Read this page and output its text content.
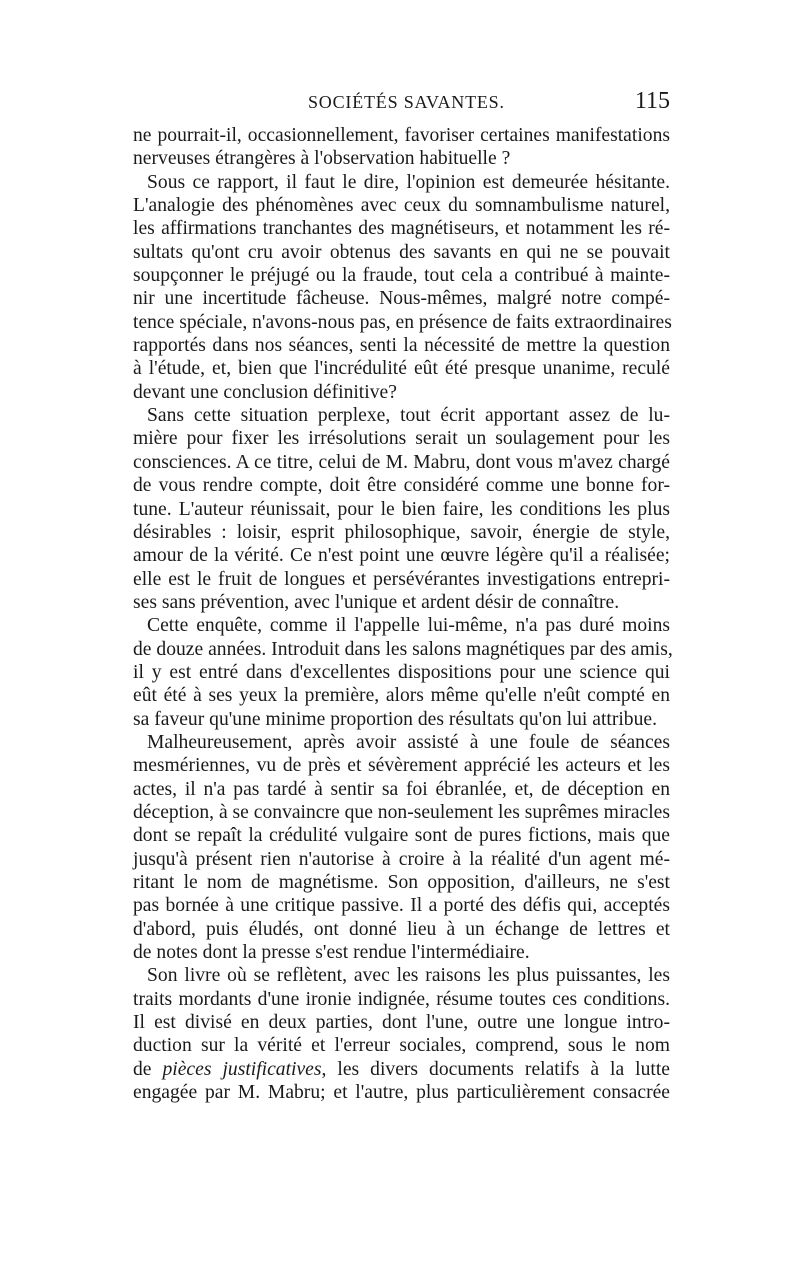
SOCIÉTÉS SAVANTES.	115
ne pourrait-il, occasionnellement, favoriser certaines manifestations
nerveuses étrangères à l'observation habituelle ?
Sous ce rapport, il faut le dire, l'opinion est demeurée hésitante.
L'analogie des phénomènes avec ceux du somnambulisme naturel,
les affirmations tranchantes des magnétiseurs, et notamment les ré-
sultats qu'ont cru avoir obtenus des savants en qui ne se pouvait
soupçonner le préjugé ou la fraude, tout cela a contribué à mainte-
nir une incertitude fâcheuse. Nous-mêmes, malgré notre compé-
tence spéciale, n'avons-nous pas, en présence de faits extraordinaires
rapportés dans nos séances, senti la nécessité de mettre la question
à l'étude, et, bien que l'incrédulité eût été presque unanime, reculé
devant une conclusion définitive?
Sans cette situation perplexe, tout écrit apportant assez de lu-
mière pour fixer les irrésolutions serait un soulagement pour les
consciences. A ce titre, celui de M. Mabru, dont vous m'avez chargé
de vous rendre compte, doit être considéré comme une bonne for-
tune. L'auteur réunissait, pour le bien faire, les conditions les plus
désirables : loisir, esprit philosophique, savoir, énergie de style,
amour de la vérité. Ce n'est point une œuvre légère qu'il a réalisée;
elle est le fruit de longues et persévérantes investigations entrepri-
ses sans prévention, avec l'unique et ardent désir de connaître.
Cette enquête, comme il l'appelle lui-même, n'a pas duré moins
de douze années. Introduit dans les salons magnétiques par des amis,
il y est entré dans d'excellentes dispositions pour une science qui
eût été à ses yeux la première, alors même qu'elle n'eût compté en
sa faveur qu'une minime proportion des résultats qu'on lui attribue.
Malheureusement, après avoir assisté à une foule de séances
mesmériennes, vu de près et sévèrement apprécié les acteurs et les
actes, il n'a pas tardé à sentir sa foi ébranlée, et, de déception en
déception, à se convaincre que non-seulement les suprêmes miracles
dont se repaît la crédulité vulgaire sont de pures fictions, mais que
jusqu'à présent rien n'autorise à croire à la réalité d'un agent mé-
ritant le nom de magnétisme. Son opposition, d'ailleurs, ne s'est
pas bornée à une critique passive. Il a porté des défis qui, acceptés
d'abord, puis éludés, ont donné lieu à un échange de lettres et
de notes dont la presse s'est rendue l'intermédiaire.
Son livre où se reflètent, avec les raisons les plus puissantes, les
traits mordants d'une ironie indignée, résume toutes ces conditions.
Il est divisé en deux parties, dont l'une, outre une longue intro-
duction sur la vérité et l'erreur sociales, comprend, sous le nom
de pièces justificatives, les divers documents relatifs à la lutte
engagée par M. Mabru; et l'autre, plus particulièrement consacrée
